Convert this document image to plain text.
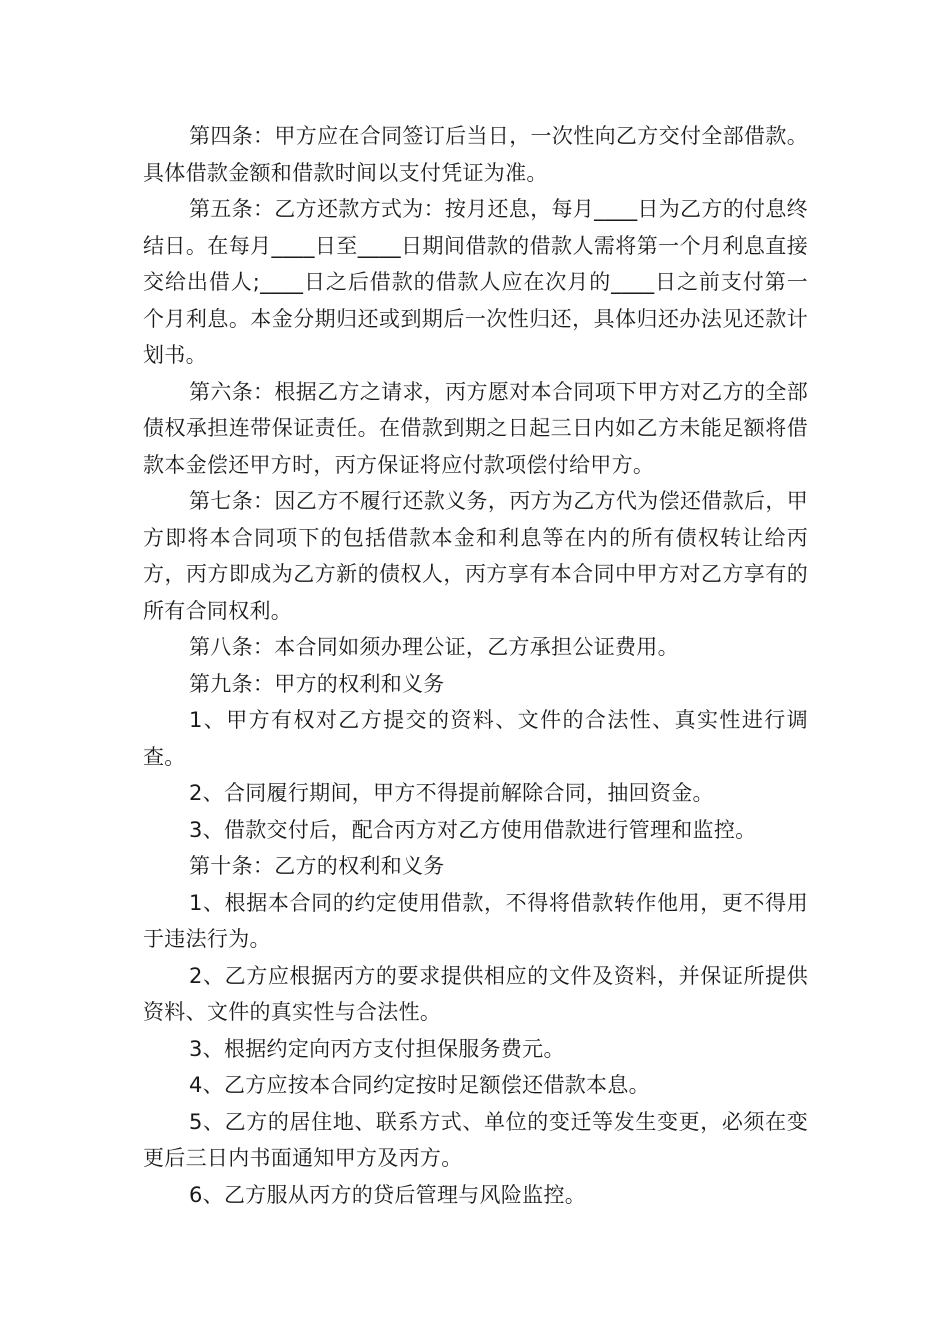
第四条：甲方应在合同签订后当日，一次性向乙方交付全部借款。具体借款金额和借款时间以支付凭证为准。

第五条：乙方还款方式为：按月还息，每月____日为乙方的付息终结日。在每月____日至____日期间借款的借款人需将第一个月利息直接交给出借人;____日之后借款的借款人应在次月的____日之前支付第一个月利息。本金分期归还或到期后一次性归还，具体归还办法见还款计划书。

第六条：根据乙方之请求，丙方愿对本合同项下甲方对乙方的全部债权承担连带保证责任。在借款到期之日起三日内如乙方未能足额将借款本金偿还甲方时，丙方保证将应付款项偿付给甲方。

第七条：因乙方不履行还款义务，丙方为乙方代为偿还借款后，甲方即将本合同项下的包括借款本金和利息等在内的所有债权转让给丙方，丙方即成为乙方新的债权人，丙方享有本合同中甲方对乙方享有的所有合同权利。

第八条：本合同如须办理公证，乙方承担公证费用。

第九条：甲方的权利和义务

1、甲方有权对乙方提交的资料、文件的合法性、真实性进行调查。

2、合同履行期间，甲方不得提前解除合同，抽回资金。

3、借款交付后，配合丙方对乙方使用借款进行管理和监控。

第十条：乙方的权利和义务

1、根据本合同的约定使用借款，不得将借款转作他用，更不得用于违法行为。

2、乙方应根据丙方的要求提供相应的文件及资料，并保证所提供资料、文件的真实性与合法性。

3、根据约定向丙方支付担保服务费元。

4、乙方应按本合同约定按时足额偿还借款本息。

5、乙方的居住地、联系方式、单位的变迁等发生变更，必须在变更后三日内书面通知甲方及丙方。

6、乙方服从丙方的贷后管理与风险监控。
